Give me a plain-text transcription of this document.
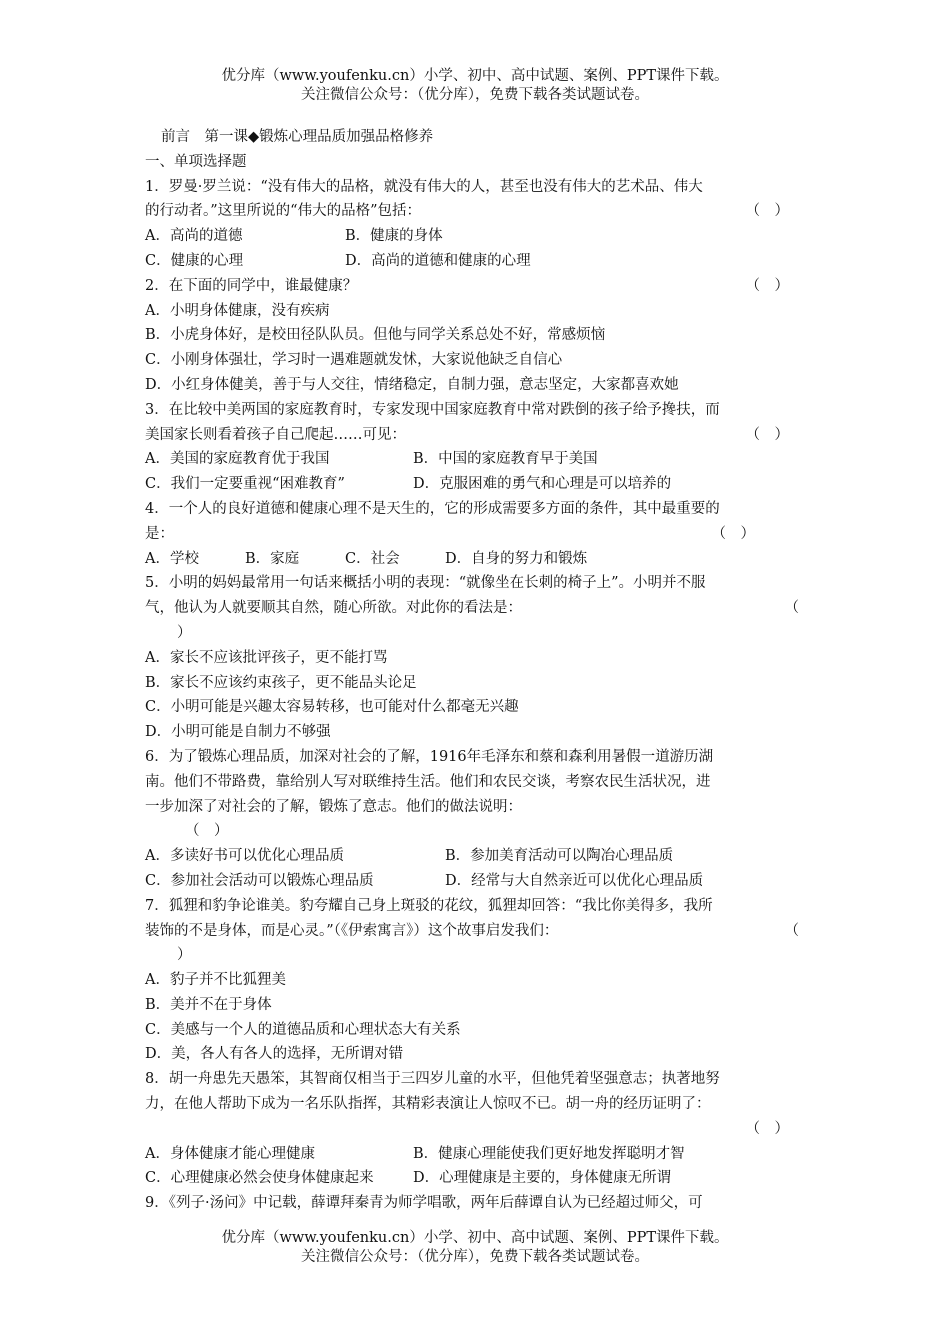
优分库（www.youfenku.cn）小学、初中、高中试题、案例、PPT课件下载。
关注微信公众号：（优分库），免费下载各类试题试卷。
前言　第一课◆锻炼心理品质加强品格修养
一、单项选择题
1．罗曼·罗兰说：“没有伟大的品格，就没有伟大的人，甚至也没有伟大的艺术品、伟大
的行动者。”这里所说的“伟大的品格”包括：	（　）
A．高尚的道德	B．健康的身体
C．健康的心理	D．高尚的道德和健康的心理
2．在下面的同学中，谁最健康？	（　）
A．小明身体健康，没有疾病
B．小虎身体好，是校田径队队员。但他与同学关系总处不好，常感烦恼
C．小刚身体强壮，学习时一遇难题就发怵，大家说他缺乏自信心
D．小红身体健美，善于与人交往，情绪稳定，自制力强，意志坚定，大家都喜欢她
3．在比较中美两国的家庭教育时，专家发现中国家庭教育中常对跌倒的孩子给予搀扶，而
美国家长则看着孩子自己爬起……可见：	（　）
A．美国的家庭教育优于我国	B．中国的家庭教育早于美国
C．我们一定要重视“困难教育”	D．克服困难的勇气和心理是可以培养的
4．一个人的良好道德和健康心理不是天生的，它的形成需要多方面的条件，其中最重要的
是：	（　）
A．学校	B．家庭	C．社会	D．自身的努力和锻炼
5．小明的妈妈最常用一句话来概括小明的表现：“就像坐在长刺的椅子上”。小明并不服
气，他认为人就要顺其自然，随心所欲。对此你的看法是：	（
）
A．家长不应该批评孩子，更不能打骂
B．家长不应该约束孩子，更不能品头论足
C．小明可能是兴趣太容易转移，也可能对什么都毫无兴趣
D．小明可能是自制力不够强
6．为了锻炼心理品质，加深对社会的了解，1916年毛泽东和蔡和森利用暑假一道游历湖
南。他们不带路费，靠给别人写对联维持生活。他们和农民交谈，考察农民生活状况，进
一步加深了对社会的了解，锻炼了意志。他们的做法说明：
（　）
A．多读好书可以优化心理品质	B．参加美育活动可以陶冶心理品质
C．参加社会活动可以锻炼心理品质	D．经常与大自然亲近可以优化心理品质
7．狐狸和豹争论谁美。豹夸耀自己身上斑驳的花纹，狐狸却回答：“我比你美得多，我所
装饰的不是身体，而是心灵。”（《伊索寓言》）这个故事启发我们：	（
）
A．豹子并不比狐狸美
B．美并不在于身体
C．美感与一个人的道德品质和心理状态大有关系
D．美，各人有各人的选择，无所谓对错
8．胡一舟患先天愚笨，其智商仅相当于三四岁儿童的水平，但他凭着坚强意志；执著地努
力，在他人帮助下成为一名乐队指挥，其精彩表演让人惊叹不已。胡一舟的经历证明了：
（　）
A．身体健康才能心理健康	B．健康心理能使我们更好地发挥聪明才智
C．心理健康必然会使身体健康起来	D．心理健康是主要的，身体健康无所谓
9．《列子·汤问》中记载，薛谭拜秦青为师学唱歌，两年后薛谭自认为已经超过师父，可
优分库（www.youfenku.cn）小学、初中、高中试题、案例、PPT课件下载。
关注微信公众号：（优分库），免费下载各类试题试卷。
